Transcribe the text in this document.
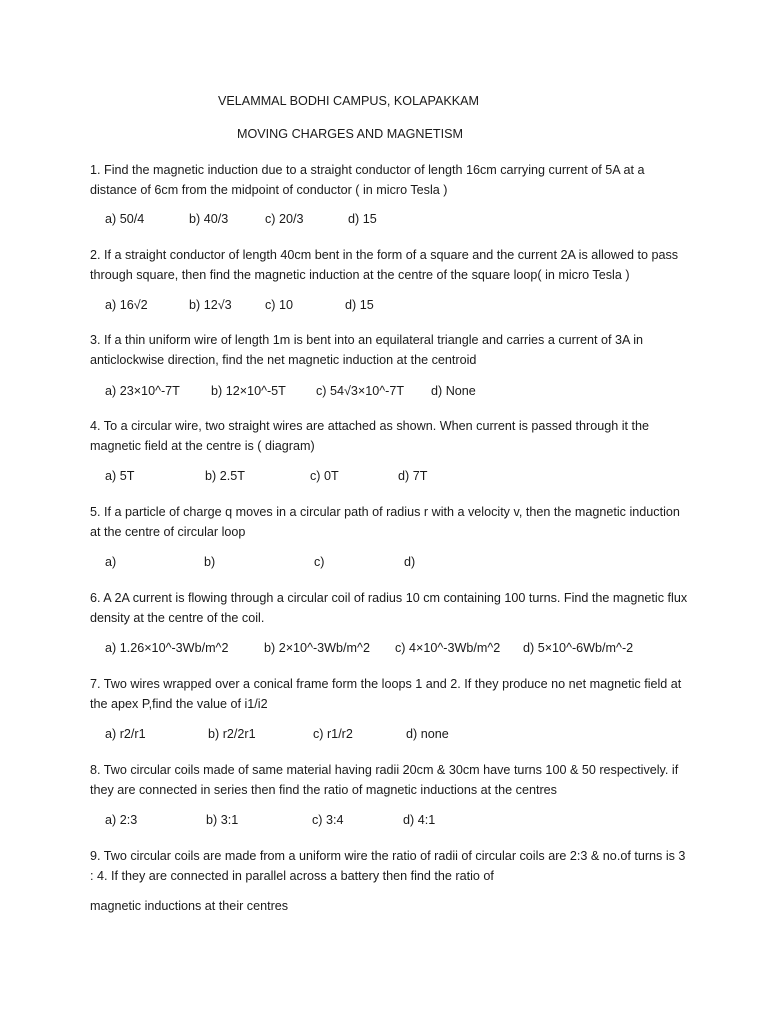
VELAMMAL BODHI CAMPUS, KOLAPAKKAM
MOVING CHARGES AND MAGNETISM
1. Find the magnetic induction due to a straight conductor of length 16cm carrying current of 5A at a distance of 6cm from the midpoint of conductor ( in micro Tesla )
a) 50/4	b) 40/3	c) 20/3	d) 15
2. If a straight conductor of length 40cm bent in the form of a square and the current 2A is allowed to pass through square, then find the magnetic induction at the centre of the square loop( in micro Tesla )
a) 16√2	b) 12√3	c) 10	d) 15
3. If a thin uniform wire of length 1m is bent into an equilateral triangle and carries a current of 3A in anticlockwise direction, find the net magnetic induction at the centroid
a) 23×10^-7T b) 12×10^-5T c) 54√3×10^-7T d) None
4. To a circular wire, two straight wires are attached as shown. When current is passed through it the magnetic field at the centre is ( diagram)
a) 5T	b) 2.5T	c) 0T	d) 7T
5. If a particle of charge q moves in a circular path of radius r with a velocity v, then the magnetic induction at the centre of circular loop
a)	b)	c)	d)
6. A 2A current is flowing through a circular coil of radius 10 cm containing 100 turns. Find the magnetic flux density at the centre of the coil.
a) 1.26×10^-3Wb/m^2	b) 2×10^-3Wb/m^2 c) 4×10^-3Wb/m^2 d) 5×10^-6Wb/m^-2
7. Two wires wrapped over a conical frame form the loops 1 and 2. If they produce no net magnetic field at the apex P,find the value of i1/i2
a) r2/r1	b) r2/2r1	c) r1/r2	d) none
8. Two circular coils made of same material having radii 20cm & 30cm have turns 100 & 50 respectively. if they are connected in series then find the ratio of magnetic inductions at the centres
a) 2:3	b) 3:1	c) 3:4	d) 4:1
9. Two circular coils are made from a uniform wire the ratio of radii of circular coils are 2:3 & no.of turns is 3 : 4. If they are connected in parallel across a battery then find the ratio of
magnetic inductions at their centres
